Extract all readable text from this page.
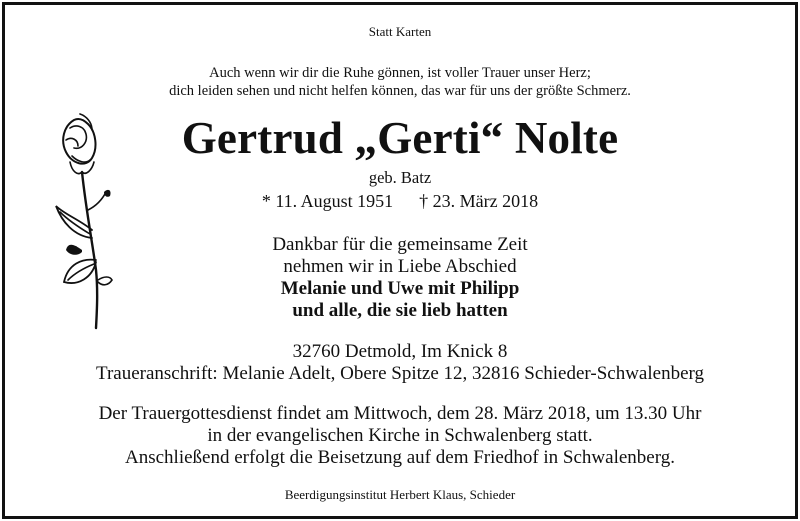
Statt Karten
Auch wenn wir dir die Ruhe gönnen, ist voller Trauer unser Herz;
dich leiden sehen und nicht helfen können, das war für uns der größte Schmerz.
Gertrud „Gerti“ Nolte
geb. Batz
* 11. August 1951 † 23. März 2018
Dankbar für die gemeinsame Zeit
nehmen wir in Liebe Abschied
Melanie und Uwe mit Philipp
und alle, die sie lieb hatten
32760 Detmold, Im Knick 8
Traueranschrift: Melanie Adelt, Obere Spitze 12, 32816 Schieder-Schwalenberg
Der Trauergottesdienst findet am Mittwoch, dem 28. März 2018, um 13.30 Uhr
in der evangelischen Kirche in Schwalenberg statt.
Anschließend erfolgt die Beisetzung auf dem Friedhof in Schwalenberg.
Beerdigungsinstitut Herbert Klaus, Schieder
